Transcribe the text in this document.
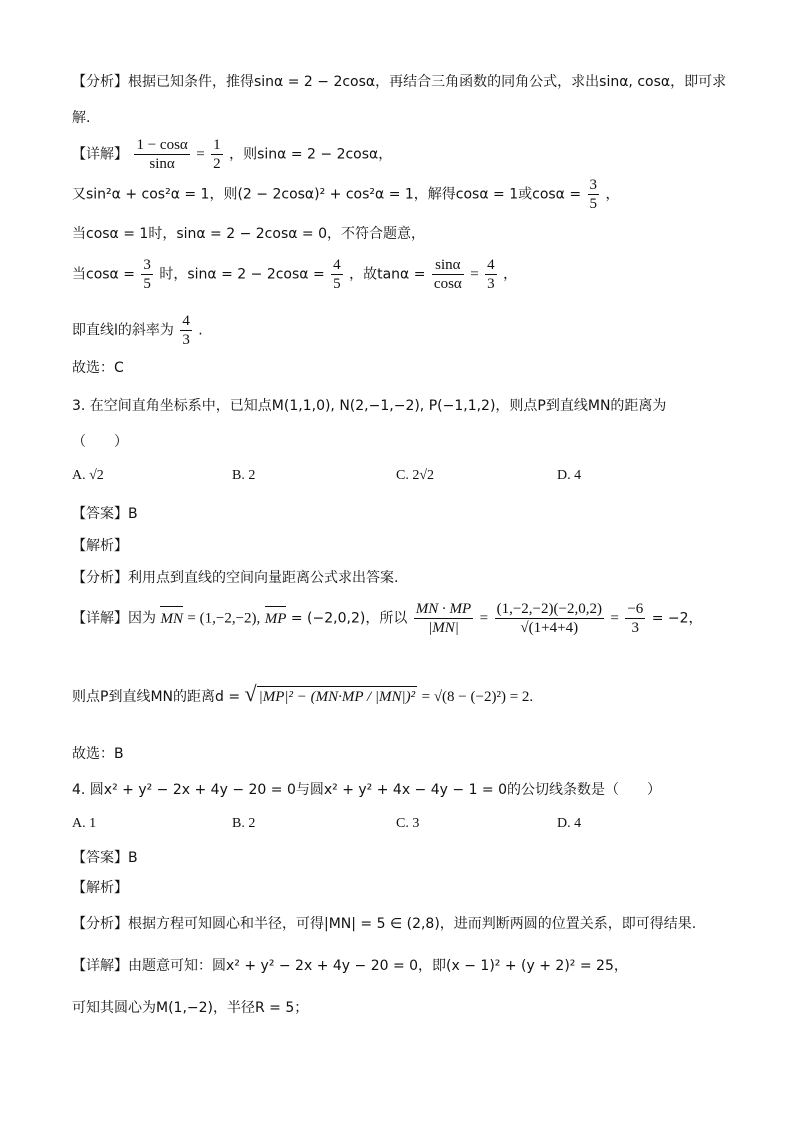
【分析】根据已知条件，推得sinα = 2 − 2cosα，再结合三角函数的同角公式，求出sinα, cosα，即可求
解.
【详解】 $\frac{1 - \cos\alpha}{\sin\alpha} = \frac{1}{2}$ ，则sinα = 2 − 2cosα，
又sin²α + cos²α = 1，则(2 − 2cosα)² + cos²α = 1，解得cosα = 1或$\cos\alpha = \frac{3}{5}$ ，
当cosα = 1时，sinα = 2 − 2cosα = 0，不符合题意，
当$\cos\alpha = \frac{3}{5}$ 时，$\sin\alpha = 2 - 2\cos\alpha = \frac{4}{5}$ ，故$\tan\alpha = \frac{\sin\alpha}{\cos\alpha} = \frac{4}{3}$ ，
即直线l的斜率为 $\frac{4}{3}$ .
故选：C
3. 在空间直角坐标系中，已知点M(1,1,0), N(2,−1,−2), P(−1,1,2)，则点P到直线MN的距离为
（　　）
A. √2	B. 2	C. 2√2	D. 4
【答案】B
【解析】
【分析】利用点到直线的空间向量距离公式求出答案.
【详解】因为 MN = (1,−2,−2), MP = (−2,0,2)，所以 $\frac{MN \cdot MP}{|MN|} = \frac{(1,-2,-2)(-2,0,2)}{√(1+4+4)} = \frac{-6}{3} = -2$，
则点P到直线MN的距离d = √ |MP|² − (MN·MP / |MN|)² = √(8 − (−2)²) = 2.
故选：B
4. 圆x² + y² − 2x + 4y − 20 = 0与圆x² + y² + 4x − 4y − 1 = 0的公切线条数是（　　）
A. 1	B. 2	C. 3	D. 4
【答案】B
【解析】
【分析】根据方程可知圆心和半径，可得|MN| = 5 ∈ (2,8)，进而判断两圆的位置关系，即可得结果.
【详解】由题意可知：圆x² + y² − 2x + 4y − 20 = 0，即(x − 1)² + (y + 2)² = 25，
可知其圆心为M(1,−2)，半径R = 5；
